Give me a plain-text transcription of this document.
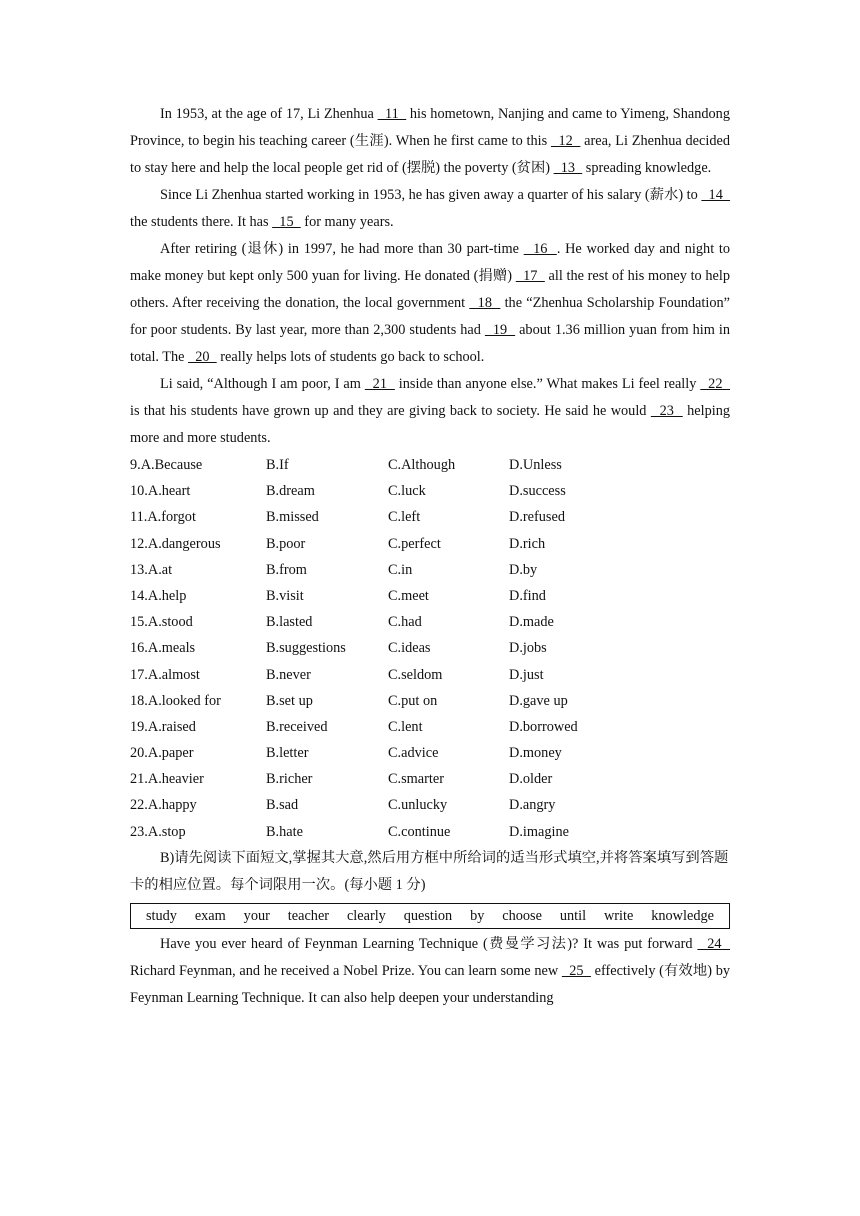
In 1953, at the age of 17, Li Zhenhua   11   his hometown, Nanjing and came to Yimeng, Shandong Province, to begin his teaching career (生涯). When he first came to this   12   area, Li Zhenhua decided to stay here and help the local people get rid of (摆脱) the poverty (贫困)   13   spreading knowledge.

Since Li Zhenhua started working in 1953, he has given away a quarter of his salary (薪水) to   14   the students there. It has   15   for many years.

After retiring (退休) in 1997, he had more than 30 part-time   16  . He worked day and night to make money but kept only 500 yuan for living. He donated (捐赠)   17   all the rest of his money to help others. After receiving the donation, the local government   18   the “Zhenhua Scholarship Foundation” for poor students. By last year, more than 2,300 students had   19   about 1.36 million yuan from him in total. The   20   really helps lots of students go back to school.

Li said, “Although I am poor, I am   21   inside than anyone else.” What makes Li feel really   22   is that his students have grown up and they are giving back to society. He said he would   23   helping more and more students.

9.A.Because	B.If	C.Although	D.Unless
10.A.heart	B.dream	C.luck	D.success
11.A.forgot	B.missed	C.left	D.refused
12.A.dangerous	B.poor	C.perfect	D.rich
13.A.at	B.from	C.in	D.by
14.A.help	B.visit	C.meet	D.find
15.A.stood	B.lasted	C.had	D.made
16.A.meals	B.suggestions	C.ideas	D.jobs
17.A.almost	B.never	C.seldom	D.just
18.A.looked for	B.set up	C.put on	D.gave up
19.A.raised	B.received	C.lent	D.borrowed
20.A.paper	B.letter	C.advice	D.money
21.A.heavier	B.richer	C.smarter	D.older
22.A.happy	B.sad	C.unlucky	D.angry
23.A.stop	B.hate	C.continue	D.imagine

B)请先阅读下面短文,掌握其大意,然后用方框中所给词的适当形式填空,并将答案填写到答题卡的相应位置。每个词限用一次。(每小题 1 分)

study exam your teacher clearly question by choose until write knowledge

Have you ever heard of Feynman Learning Technique (费曼学习法)? It was put forward   24   Richard Feynman, and he received a Nobel Prize. You can learn some new   25   effectively (有效地) by Feynman Learning Technique. It can also help deepen your understanding
